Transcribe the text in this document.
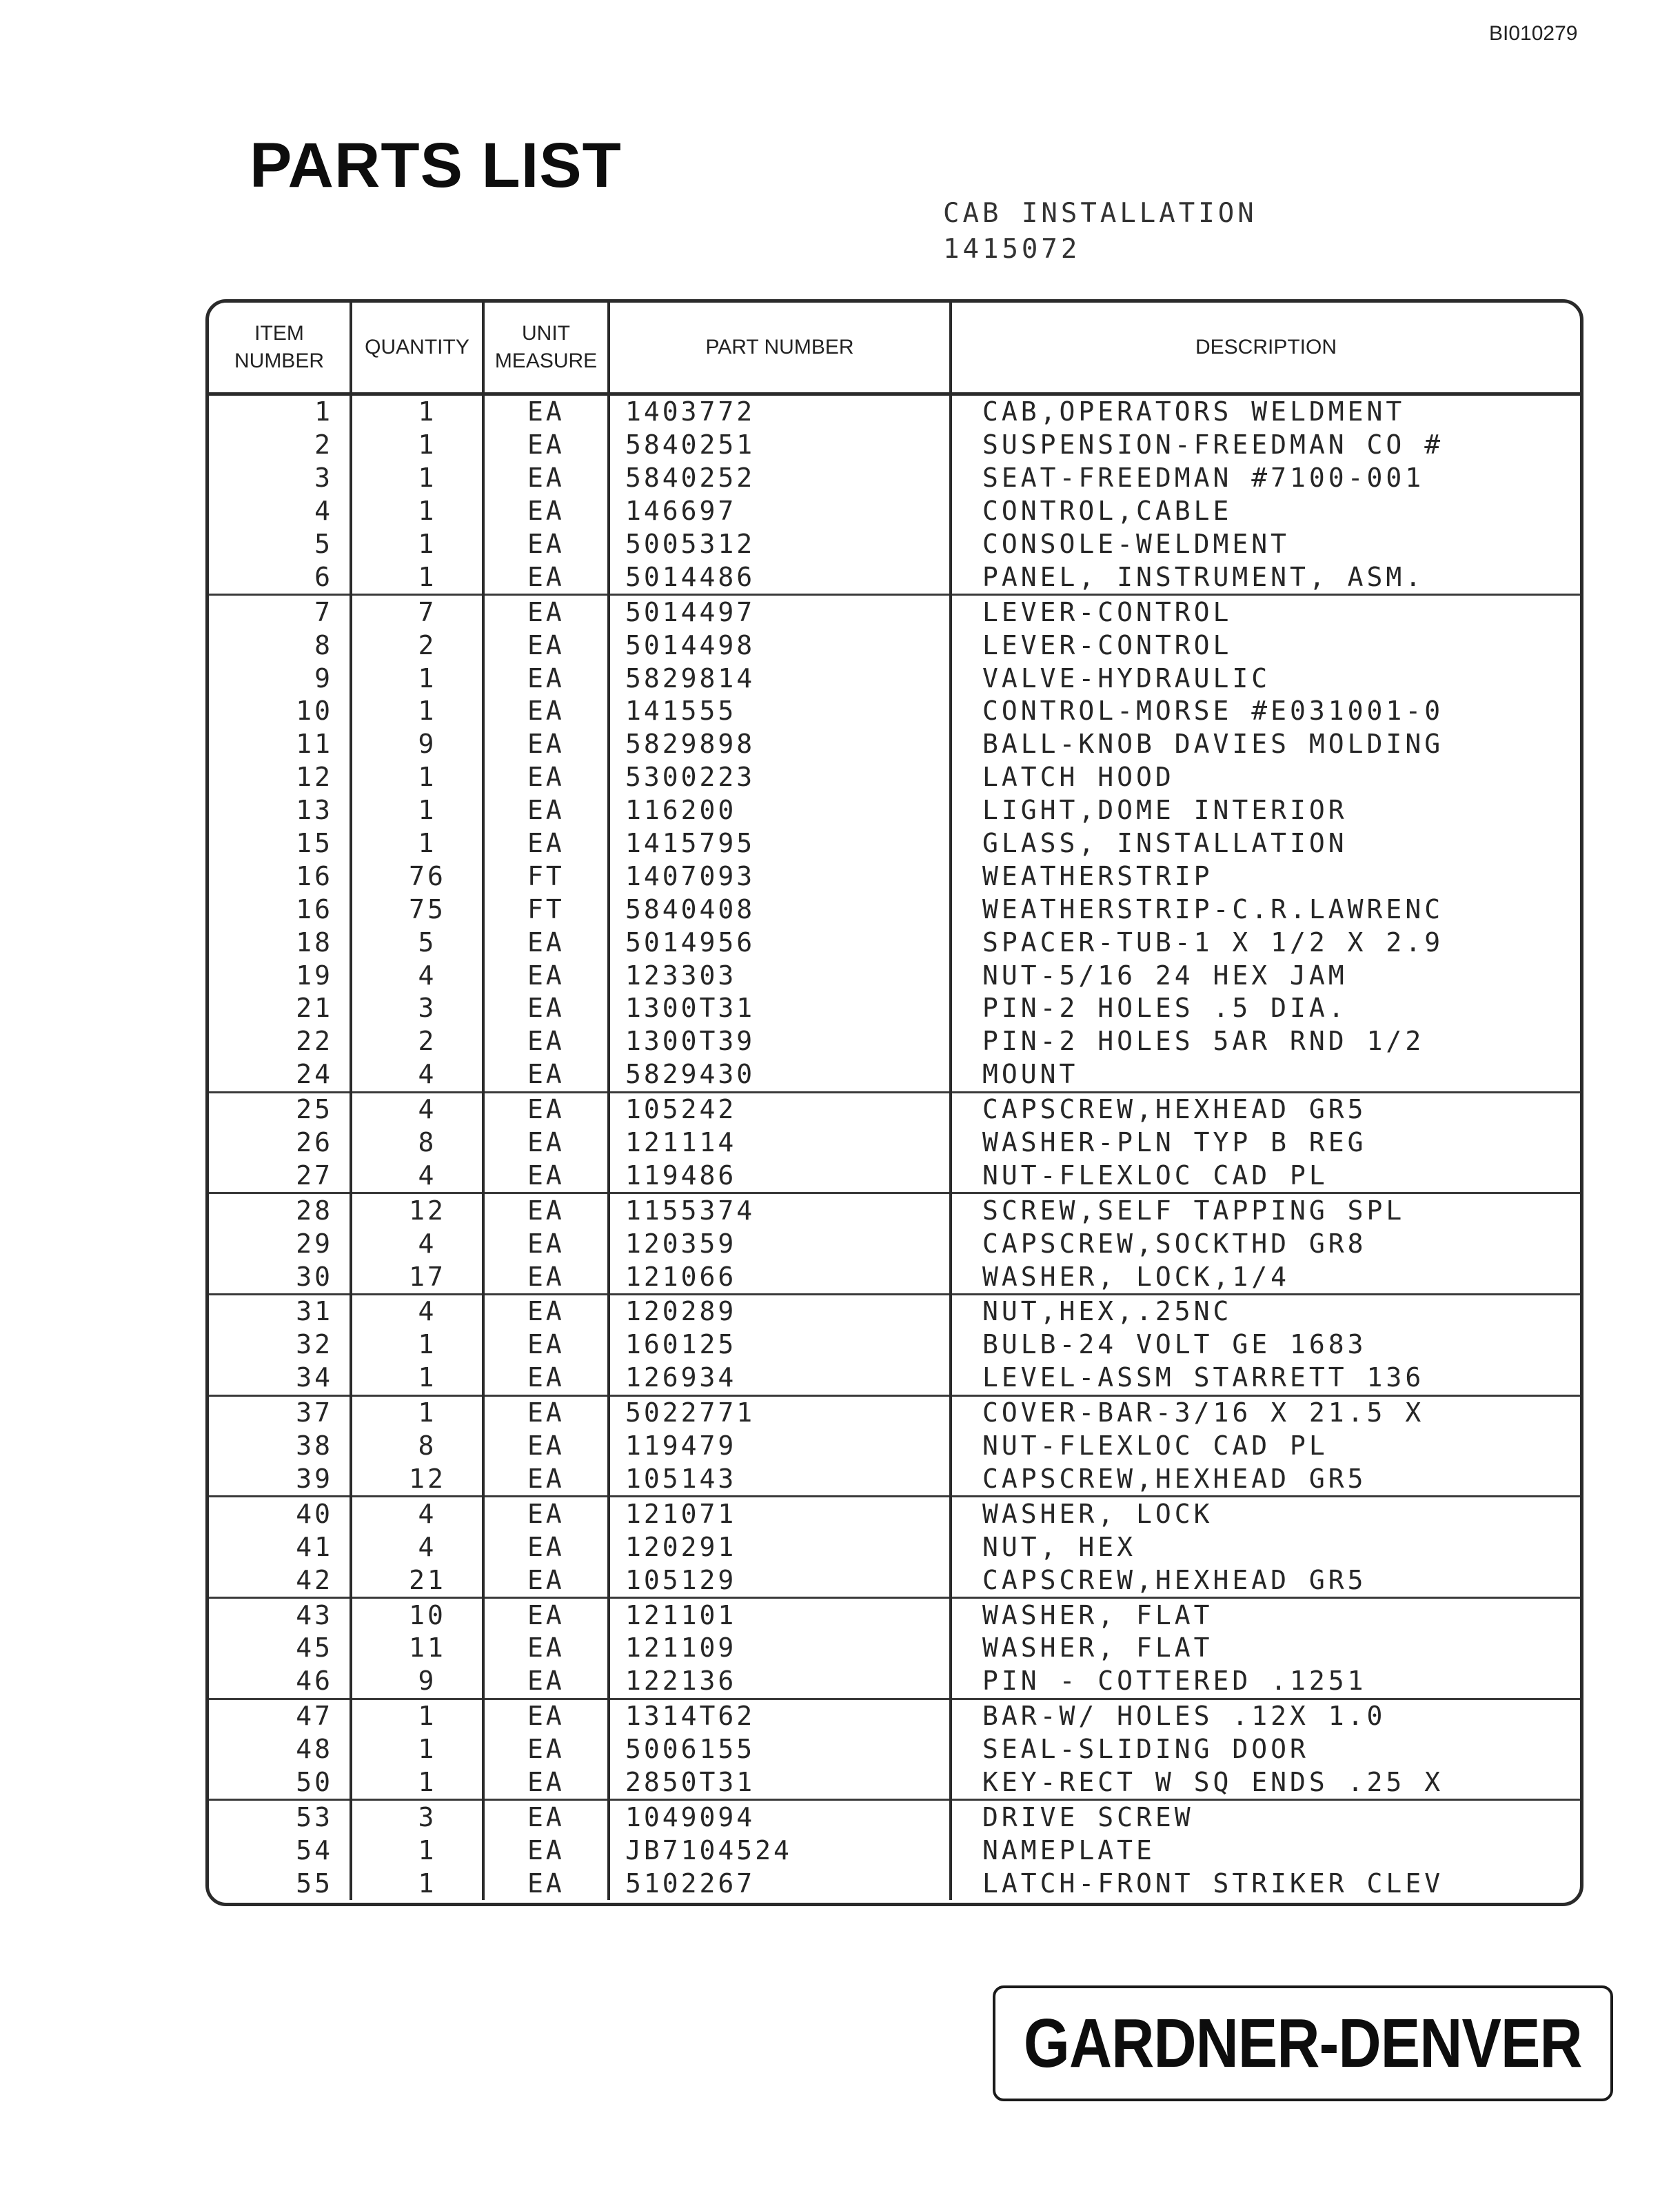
BI010279
PARTS LIST
CAB INSTALLATION
1415072
ITEM NUMBER	QUANTITY	UNIT MEASURE	PART NUMBER	DESCRIPTION
1	1	EA	1403772	CAB,OPERATORS WELDMENT
2	1	EA	5840251	SUSPENSION-FREEDMAN CO #
3	1	EA	5840252	SEAT-FREEDMAN #7100-001
4	1	EA	146697	CONTROL,CABLE
5	1	EA	5005312	CONSOLE-WELDMENT
6	1	EA	5014486	PANEL, INSTRUMENT, ASM.
7	7	EA	5014497	LEVER-CONTROL
8	2	EA	5014498	LEVER-CONTROL
9	1	EA	5829814	VALVE-HYDRAULIC
10	1	EA	141555	CONTROL-MORSE #E031001-0
11	9	EA	5829898	BALL-KNOB DAVIES MOLDING
12	1	EA	5300223	LATCH HOOD
13	1	EA	116200	LIGHT,DOME INTERIOR
15	1	EA	1415795	GLASS, INSTALLATION
16	76	FT	1407093	WEATHERSTRIP
16	75	FT	5840408	WEATHERSTRIP-C.R.LAWRENC
18	5	EA	5014956	SPACER-TUB-1 X 1/2 X 2.9
19	4	EA	123303	NUT-5/16 24 HEX JAM
21	3	EA	1300T31	PIN-2 HOLES .5 DIA.
22	2	EA	1300T39	PIN-2 HOLES 5AR RND 1/2
24	4	EA	5829430	MOUNT
25	4	EA	105242	CAPSCREW,HEXHEAD GR5
26	8	EA	121114	WASHER-PLN TYP B REG
27	4	EA	119486	NUT-FLEXLOC CAD PL
28	12	EA	1155374	SCREW,SELF TAPPING SPL
29	4	EA	120359	CAPSCREW,SOCKTHD GR8
30	17	EA	121066	WASHER, LOCK,1/4
31	4	EA	120289	NUT,HEX,.25NC
32	1	EA	160125	BULB-24 VOLT GE 1683
34	1	EA	126934	LEVEL-ASSM STARRETT 136
37	1	EA	5022771	COVER-BAR-3/16 X 21.5 X
38	8	EA	119479	NUT-FLEXLOC CAD PL
39	12	EA	105143	CAPSCREW,HEXHEAD GR5
40	4	EA	121071	WASHER, LOCK
41	4	EA	120291	NUT, HEX
42	21	EA	105129	CAPSCREW,HEXHEAD GR5
43	10	EA	121101	WASHER, FLAT
45	11	EA	121109	WASHER, FLAT
46	9	EA	122136	PIN - COTTERED .1251
47	1	EA	1314T62	BAR-W/ HOLES .12X 1.0
48	1	EA	5006155	SEAL-SLIDING DOOR
50	1	EA	2850T31	KEY-RECT W SQ ENDS .25 X
53	3	EA	1049094	DRIVE SCREW
54	1	EA	JB7104524	NAMEPLATE
55	1	EA	5102267	LATCH-FRONT STRIKER CLEV
GARDNER-DENVER
